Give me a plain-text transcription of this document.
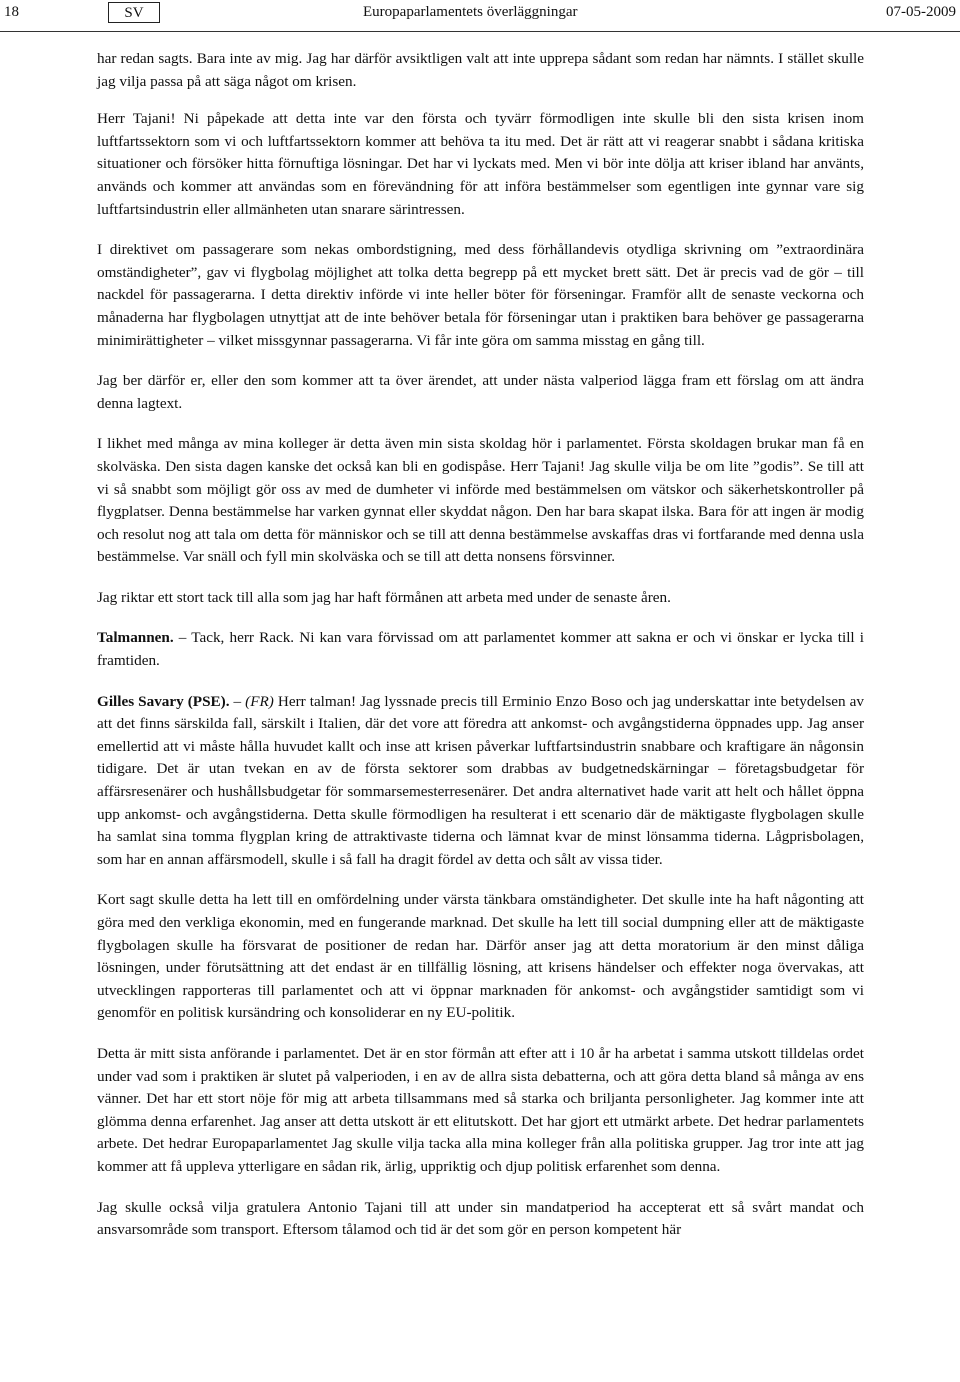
18	SV	Europaparlamentets överläggningar	07-05-2009

har redan sagts. Bara inte av mig. Jag har därför avsiktligen valt att inte upprepa sådant som redan har nämnts. I stället skulle jag vilja passa på att säga något om krisen.

Herr Tajani! Ni påpekade att detta inte var den första och tyvärr förmodligen inte skulle bli den sista krisen inom luftfartssektorn som vi och luftfartssektorn kommer att behöva ta itu med. Det är rätt att vi reagerar snabbt i sådana kritiska situationer och försöker hitta förnuftiga lösningar. Det har vi lyckats med. Men vi bör inte dölja att kriser ibland har använts, används och kommer att användas som en förevändning för att införa bestämmelser som egentligen inte gynnar vare sig luftfartsindustrin eller allmänheten utan snarare särintressen.

I direktivet om passagerare som nekas ombordstigning, med dess förhållandevis otydliga skrivning om ”extraordinära omständigheter”, gav vi flygbolag möjlighet att tolka detta begrepp på ett mycket brett sätt. Det är precis vad de gör – till nackdel för passagerarna. I detta direktiv införde vi inte heller böter för förseningar. Framför allt de senaste veckorna och månaderna har flygbolagen utnyttjat att de inte behöver betala för förseningar utan i praktiken bara behöver ge passagerarna minimirättigheter – vilket missgynnar passagerarna. Vi får inte göra om samma misstag en gång till.

Jag ber därför er, eller den som kommer att ta över ärendet, att under nästa valperiod lägga fram ett förslag om att ändra denna lagtext.

I likhet med många av mina kolleger är detta även min sista skoldag hör i parlamentet. Första skoldagen brukar man få en skolväska. Den sista dagen kanske det också kan bli en godispåse. Herr Tajani! Jag skulle vilja be om lite ”godis”. Se till att vi så snabbt som möjligt gör oss av med de dumheter vi införde med bestämmelsen om vätskor och säkerhetskontroller på flygplatser. Denna bestämmelse har varken gynnat eller skyddat någon. Den har bara skapat ilska. Bara för att ingen är modig och resolut nog att tala om detta för människor och se till att denna bestämmelse avskaffas dras vi fortfarande med denna usla bestämmelse. Var snäll och fyll min skolväska och se till att detta nonsens försvinner.

Jag riktar ett stort tack till alla som jag har haft förmånen att arbeta med under de senaste åren.

Talmannen. – Tack, herr Rack. Ni kan vara förvissad om att parlamentet kommer att sakna er och vi önskar er lycka till i framtiden.

Gilles Savary (PSE). – (FR) Herr talman! Jag lyssnade precis till Erminio Enzo Boso och jag underskattar inte betydelsen av att det finns särskilda fall, särskilt i Italien, där det vore att föredra att ankomst- och avgångstiderna öppnades upp. Jag anser emellertid att vi måste hålla huvudet kallt och inse att krisen påverkar luftfartsindustrin snabbare och kraftigare än någonsin tidigare. Det är utan tvekan en av de första sektorer som drabbas av budgetnedskärningar – företagsbudgetar för affärsresenärer och hushållsbudgetar för sommarsemesterresenärer. Det andra alternativet hade varit att helt och hållet öppna upp ankomst- och avgångstiderna. Detta skulle förmodligen ha resulterat i ett scenario där de mäktigaste flygbolagen skulle ha samlat sina tomma flygplan kring de attraktivaste tiderna och lämnat kvar de minst lönsamma tiderna. Lågprisbolagen, som har en annan affärsmodell, skulle i så fall ha dragit fördel av detta och sålt av vissa tider.

Kort sagt skulle detta ha lett till en omfördelning under värsta tänkbara omständigheter. Det skulle inte ha haft någonting att göra med den verkliga ekonomin, med en fungerande marknad. Det skulle ha lett till social dumpning eller att de mäktigaste flygbolagen skulle ha försvarat de positioner de redan har. Därför anser jag att detta moratorium är den minst dåliga lösningen, under förutsättning att det endast är en tillfällig lösning, att krisens händelser och effekter noga övervakas, att utvecklingen rapporteras till parlamentet och att vi öppnar marknaden för ankomst- och avgångstider samtidigt som vi genomför en politisk kursändring och konsoliderar en ny EU-politik.

Detta är mitt sista anförande i parlamentet. Det är en stor förmån att efter att i 10 år ha arbetat i samma utskott tilldelas ordet under vad som i praktiken är slutet på valperioden, i en av de allra sista debatterna, och att göra detta bland så många av ens vänner. Det har ett stort nöje för mig att arbeta tillsammans med så starka och briljanta personligheter. Jag kommer inte att glömma denna erfarenhet. Jag anser att detta utskott är ett elitutskott. Det har gjort ett utmärkt arbete. Det hedrar parlamentets arbete. Det hedrar Europaparlamentet Jag skulle vilja tacka alla mina kolleger från alla politiska grupper. Jag tror inte att jag kommer att få uppleva ytterligare en sådan rik, ärlig, uppriktig och djup politisk erfarenhet som denna.

Jag skulle också vilja gratulera Antonio Tajani till att under sin mandatperiod ha accepterat ett så svårt mandat och ansvarsområde som transport. Eftersom tålamod och tid är det som gör en person kompetent här
